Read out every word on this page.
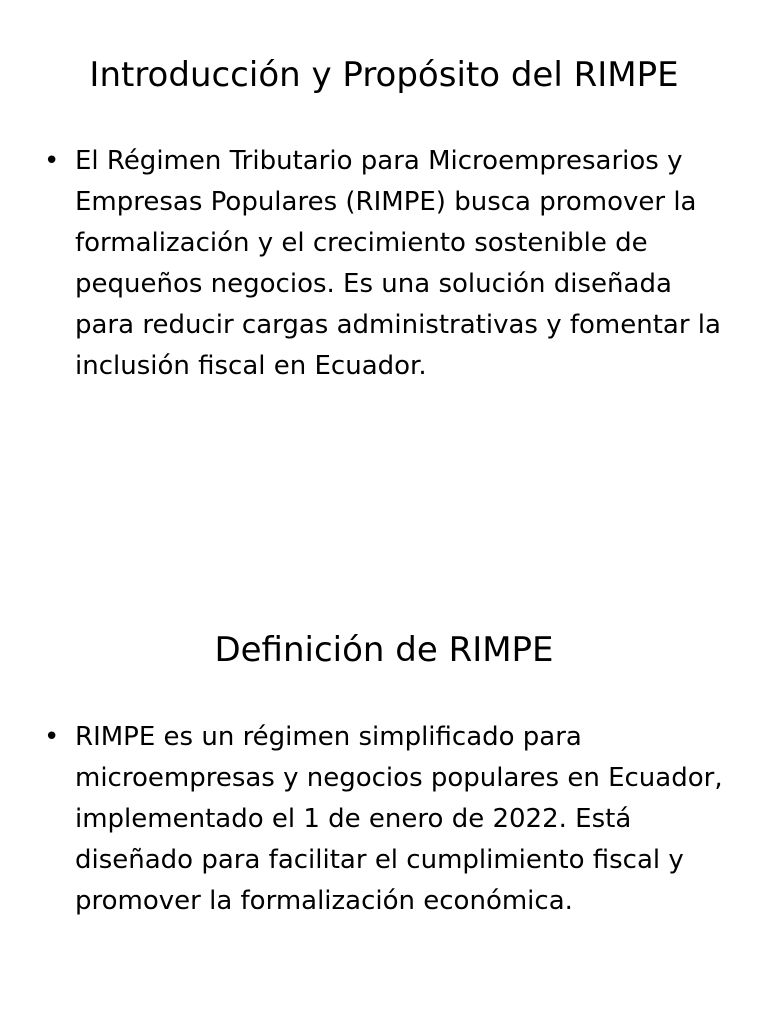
Introducción y Propósito del RIMPE
• El Régimen Tributario para Microempresarios y Empresas Populares (RIMPE) busca promover la formalización y el crecimiento sostenible de pequeños negocios. Es una solución diseñada para reducir cargas administrativas y fomentar la inclusión fiscal en Ecuador.
Definición de RIMPE
• RIMPE es un régimen simplificado para microempresas y negocios populares en Ecuador, implementado el 1 de enero de 2022. Está diseñado para facilitar el cumplimiento fiscal y promover la formalización económica.
